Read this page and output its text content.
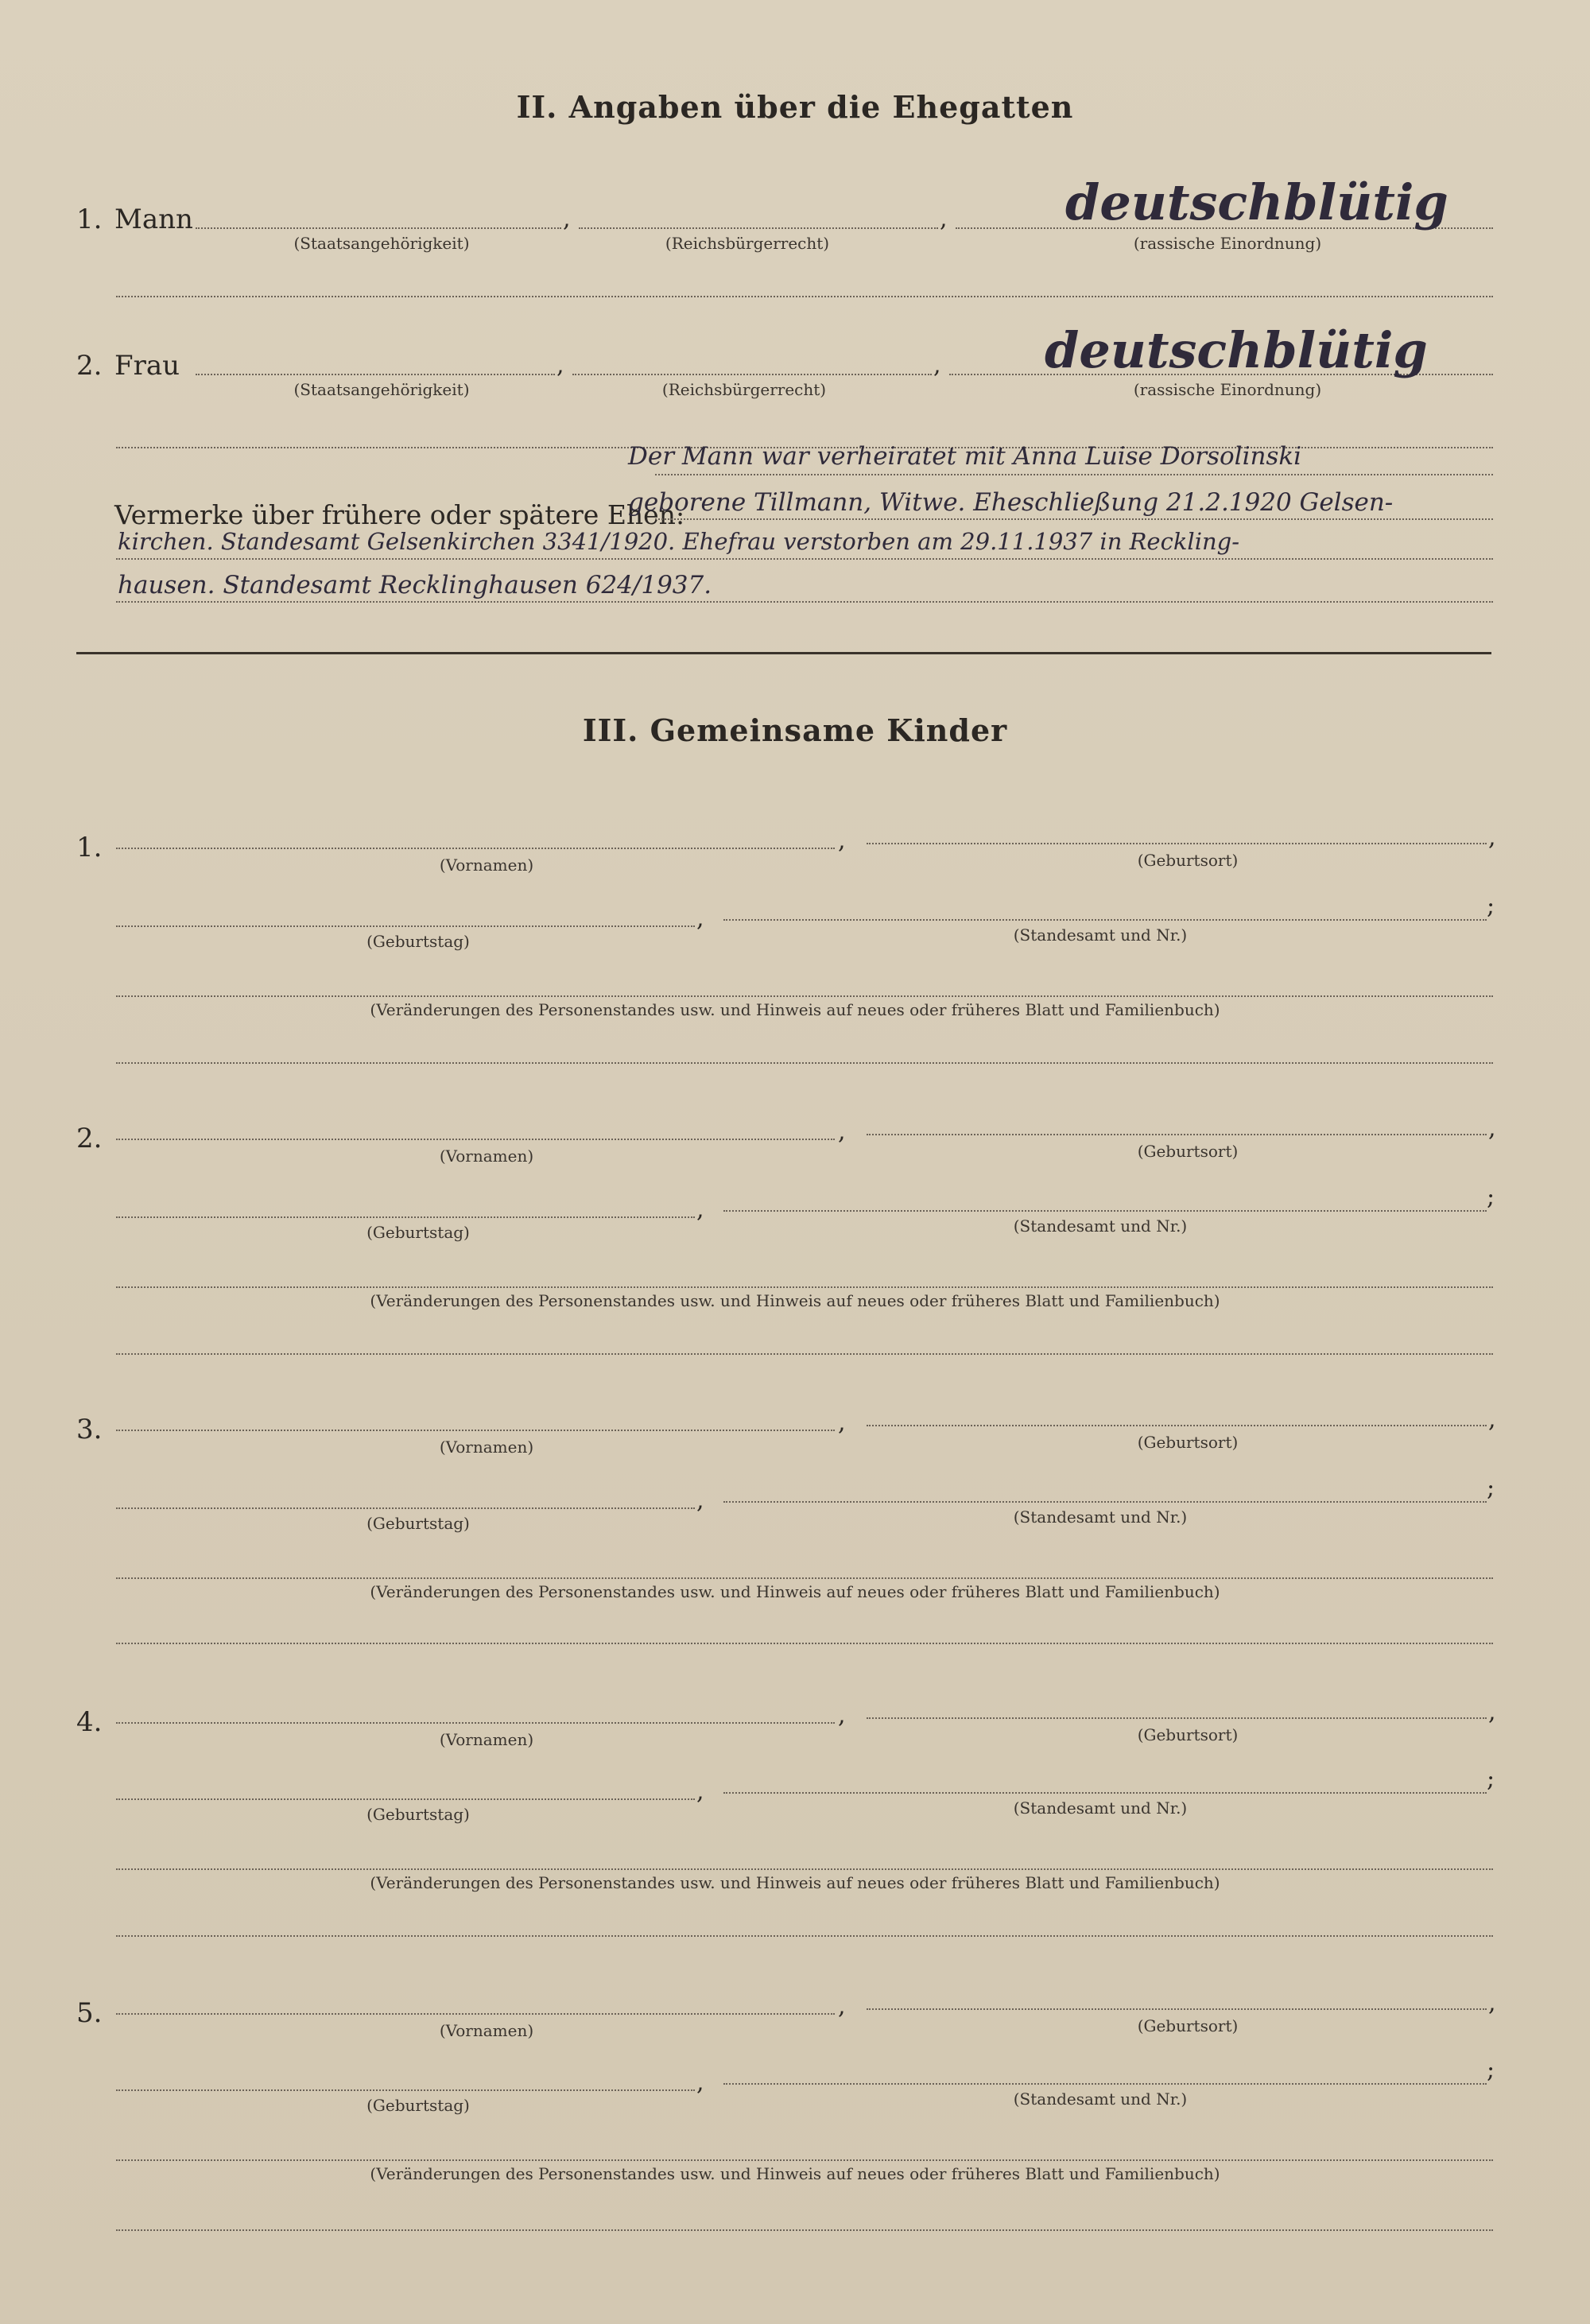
II. Angaben über die Ehegatten
1. Mann	,	, deutschblütig
(Staatsangehörigkeit)	(Reichsbürgerrecht)	(rassische Einordnung)
2. Frau	,	, deutschblütig
(Staatsangehörigkeit)	(Reichsbürgerrecht)	(rassische Einordnung)
Vermerke über frühere oder spätere Ehen:
Der Mann war verheiratet mit Anna Luise Dorsolinski
geborene Tillmann, Witwe. Eheschließung 21.2.1920 Gelsen-
kirchen. Standesamt Gelsenkirchen 3341/1920. Ehefrau verstorben am 29.11.1937 in Reckling-
hausen. Standesamt Recklinghausen 624/1937.
III. Gemeinsame Kinder
1.	,	,
(Vornamen)	(Geburtsort)
,	;
(Geburtstag)	(Standesamt und Nr.)
(Veränderungen des Personenstandes usw. und Hinweis auf neues oder früheres Blatt und Familienbuch)
2.	,	,
(Vornamen)	(Geburtsort)
,	;
(Geburtstag)	(Standesamt und Nr.)
(Veränderungen des Personenstandes usw. und Hinweis auf neues oder früheres Blatt und Familienbuch)
3.	,	,
(Vornamen)	(Geburtsort)
,	;
(Geburtstag)	(Standesamt und Nr.)
(Veränderungen des Personenstandes usw. und Hinweis auf neues oder früheres Blatt und Familienbuch)
4.	,	,
(Vornamen)	(Geburtsort)
,	;
(Geburtstag)	(Standesamt und Nr.)
(Veränderungen des Personenstandes usw. und Hinweis auf neues oder früheres Blatt und Familienbuch)
5.	,	,
(Vornamen)	(Geburtsort)
,	;
(Geburtstag)	(Standesamt und Nr.)
(Veränderungen des Personenstandes usw. und Hinweis auf neues oder früheres Blatt und Familienbuch)
